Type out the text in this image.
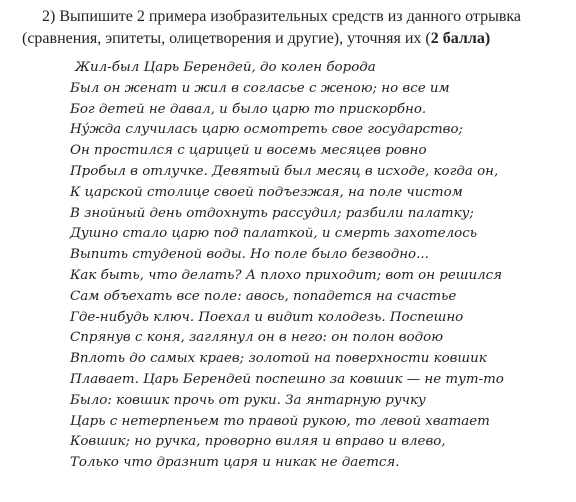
2) Выпишите 2 примера изобразительных средств из данного отрывка
(сравнения, эпитеты, олицетворения и другие), уточняя их (2 балла)
Жил-был Царь Берендей, до колен борода
Был он женат и жил в согласье с женою; но все им
Бог детей не давал, и было царю то прискорбно.
Ну́жда случилась царю осмотреть свое государство;
Он простился с царицей и восемь месяцев ровно
Пробыл в отлучке. Девятый был месяц в исходе, когда он,
К царской столице своей подъезжая, на поле чистом
В знойный день отдохнуть рассудил; разбили палатку;
Душно стало царю под палаткой, и смерть захотелось
Выпить студеной воды. Но поле было безводно...
Как быть, что делать? А плохо приходит; вот он решился
Сам объехать все поле: авось, попадется на счастье
Где-нибудь ключ. Поехал и видит колодезь. Поспешно
Спрянув с коня, заглянул он в него: он полон водою
Вплоть до самых краев; золотой на поверхности ковшик
Плавает. Царь Берендей поспешно за ковшик — не тут-то
Было: ковшик прочь от руки. За янтарную ручку
Царь с нетерпеньем то правой рукою, то левой хватает
Ковшик; но ручка, проворно виляя и вправо и влево,
Только что дразнит царя и никак не дается.
